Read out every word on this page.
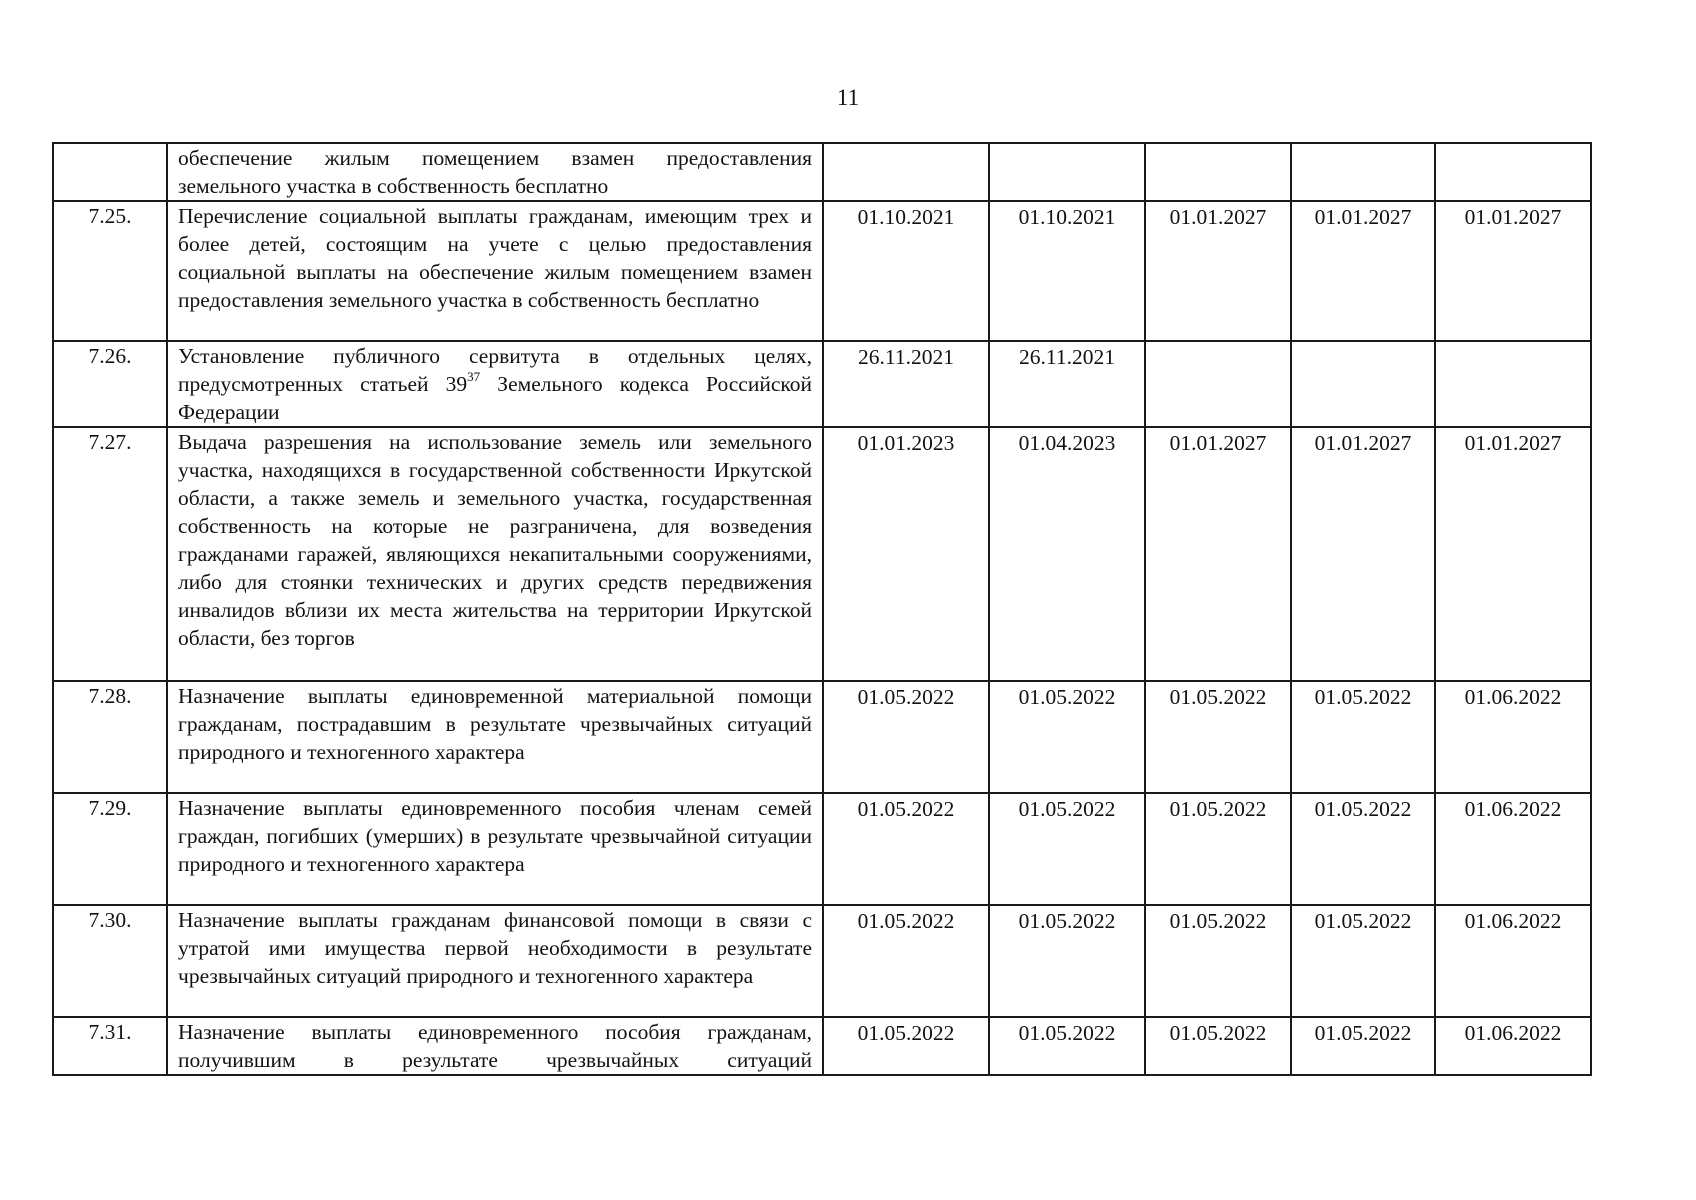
11
	обеспечение жилым помещением взамен предоставления земельного участка в собственность бесплатно					
7.25.	Перечисление социальной выплаты гражданам, имеющим трех и более детей, состоящим на учете с целью предоставления социальной выплаты на обеспечение жилым помещением взамен предоставления земельного участка в собственность бесплатно	01.10.2021	01.10.2021	01.01.2027	01.01.2027	01.01.2027
7.26.	Установление публичного сервитута в отдельных целях, предусмотренных статьей 39$^{37}$ Земельного кодекса Российской Федерации	26.11.2021	26.11.2021			
7.27.	Выдача разрешения на использование земель или земельного участка, находящихся в государственной собственности Иркутской области, а также земель и земельного участка, государственная собственность на которые не разграничена, для возведения гражданами гаражей, являющихся некапитальными сооружениями, либо для стоянки технических и других средств передвижения инвалидов вблизи их места жительства на территории Иркутской области, без торгов	01.01.2023	01.04.2023	01.01.2027	01.01.2027	01.01.2027
7.28.	Назначение выплаты единовременной материальной помощи гражданам, пострадавшим в результате чрезвычайных ситуаций природного и техногенного характера	01.05.2022	01.05.2022	01.05.2022	01.05.2022	01.06.2022
7.29.	Назначение выплаты единовременного пособия членам семей граждан, погибших (умерших) в результате чрезвычайной ситуации природного и техногенного характера	01.05.2022	01.05.2022	01.05.2022	01.05.2022	01.06.2022
7.30.	Назначение выплаты гражданам финансовой помощи в связи с утратой ими имущества первой необходимости в результате чрезвычайных ситуаций природного и техногенного характера	01.05.2022	01.05.2022	01.05.2022	01.05.2022	01.06.2022
7.31.	Назначение выплаты единовременного пособия гражданам, получившим в результате чрезвычайных ситуаций	01.05.2022	01.05.2022	01.05.2022	01.05.2022	01.06.2022
